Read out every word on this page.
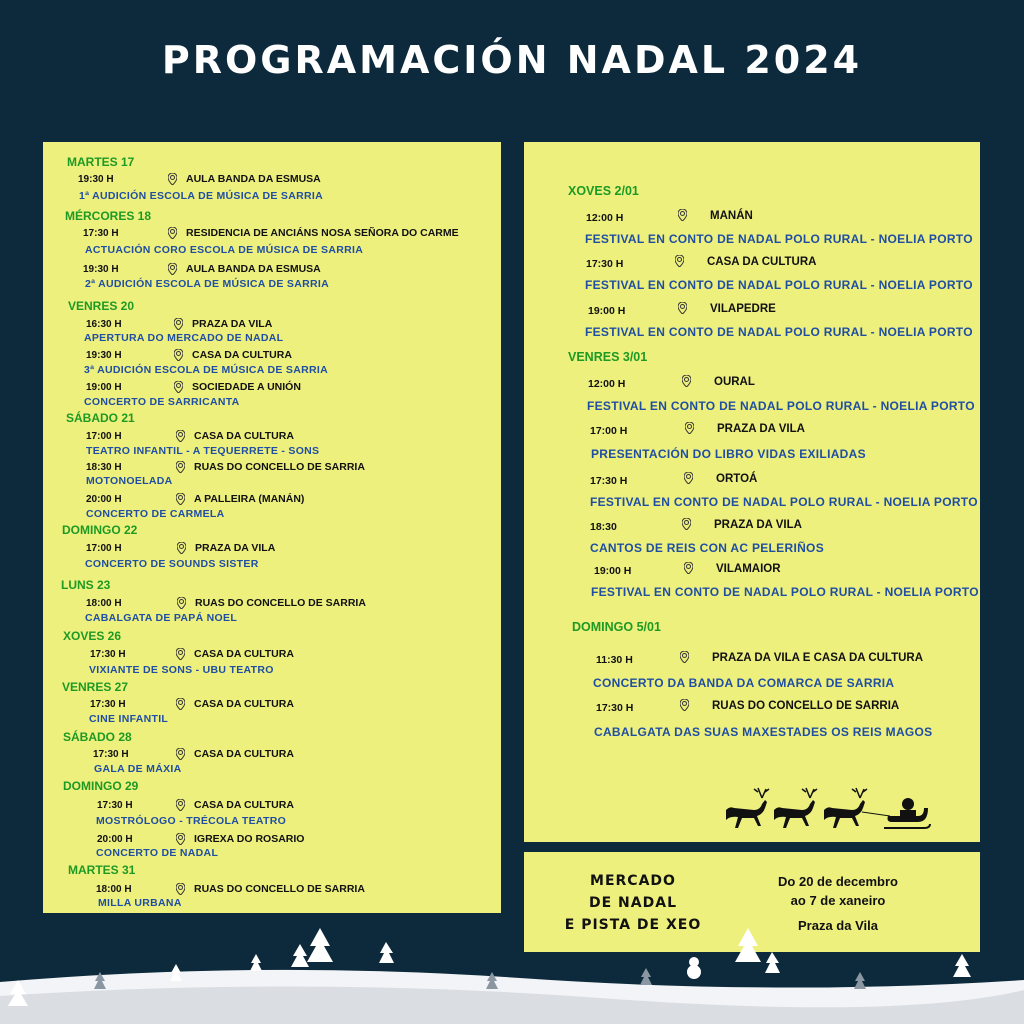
PROGRAMACIÓN NADAL 2024
MARTES 17
19:30 H	AULA BANDA DA ESMUSA
1ª AUDICIÓN ESCOLA DE MÚSICA DE SARRIA
MÉRCORES 18
17:30 H	RESIDENCIA DE ANCIÁNS NOSA SEÑORA DO CARME
ACTUACIÓN CORO ESCOLA DE MÚSICA DE SARRIA
19:30 H	AULA BANDA DA ESMUSA
2ª AUDICIÓN ESCOLA DE MÚSICA DE SARRIA
VENRES 20
16:30 H	PRAZA DA VILA
APERTURA DO MERCADO DE NADAL
19:30 H	CASA DA CULTURA
3ª AUDICIÓN ESCOLA DE MÚSICA DE SARRIA
19:00 H	SOCIEDADE A UNIÓN
CONCERTO DE SARRICANTA
SÁBADO 21
17:00 H	CASA DA CULTURA
TEATRO INFANTIL - A TEQUERRETE - SONS
18:30 H	RUAS DO CONCELLO DE SARRIA
MOTONOELADA
20:00 H	A PALLEIRA (MANÁN)
CONCERTO DE CARMELA
DOMINGO 22
17:00 H	PRAZA DA VILA
CONCERTO DE SOUNDS SISTER
LUNS 23
18:00 H	RUAS DO CONCELLO DE SARRIA
CABALGATA DE PAPÁ NOEL
XOVES 26
17:30 H	CASA DA CULTURA
VIXIANTE DE SONS - UBU TEATRO
VENRES 27
17:30 H	CASA DA CULTURA
CINE INFANTIL
SÁBADO 28
17:30 H	CASA DA CULTURA
GALA DE MÁXIA
DOMINGO 29
17:30 H	CASA DA CULTURA
MOSTRÓLOGO - TRÉCOLA TEATRO
20:00 H	IGREXA DO ROSARIO
CONCERTO DE NADAL
MARTES 31
18:00 H	RUAS DO CONCELLO DE SARRIA
MILLA URBANA
XOVES 2/01
12:00 H	MANÁN
FESTIVAL EN CONTO DE NADAL POLO RURAL - NOELIA PORTO
17:30 H	CASA DA CULTURA
FESTIVAL EN CONTO DE NADAL POLO RURAL - NOELIA PORTO
19:00 H	VILAPEDRE
FESTIVAL EN CONTO DE NADAL POLO RURAL - NOELIA PORTO
VENRES 3/01
12:00 H	OURAL
FESTIVAL EN CONTO DE NADAL POLO RURAL - NOELIA PORTO
17:00 H	PRAZA DA VILA
PRESENTACIÓN DO LIBRO VIDAS EXILIADAS
17:30 H	ORTOÁ
FESTIVAL EN CONTO DE NADAL POLO RURAL - NOELIA PORTO
18:30	PRAZA DA VILA
CANTOS DE REIS CON AC PELERIÑOS
19:00 H	VILAMAIOR
FESTIVAL EN CONTO DE NADAL POLO RURAL - NOELIA PORTO
DOMINGO 5/01
11:30 H	PRAZA DA VILA E CASA DA CULTURA
CONCERTO DA BANDA DA COMARCA DE SARRIA
17:30 H	RUAS DO CONCELLO DE SARRIA
CABALGATA DAS SUAS MAXESTADES OS REIS MAGOS
MERCADO
DE NADAL
E PISTA DE XEO
Do 20 de decembro
ao 7 de xaneiro
Praza da Vila
